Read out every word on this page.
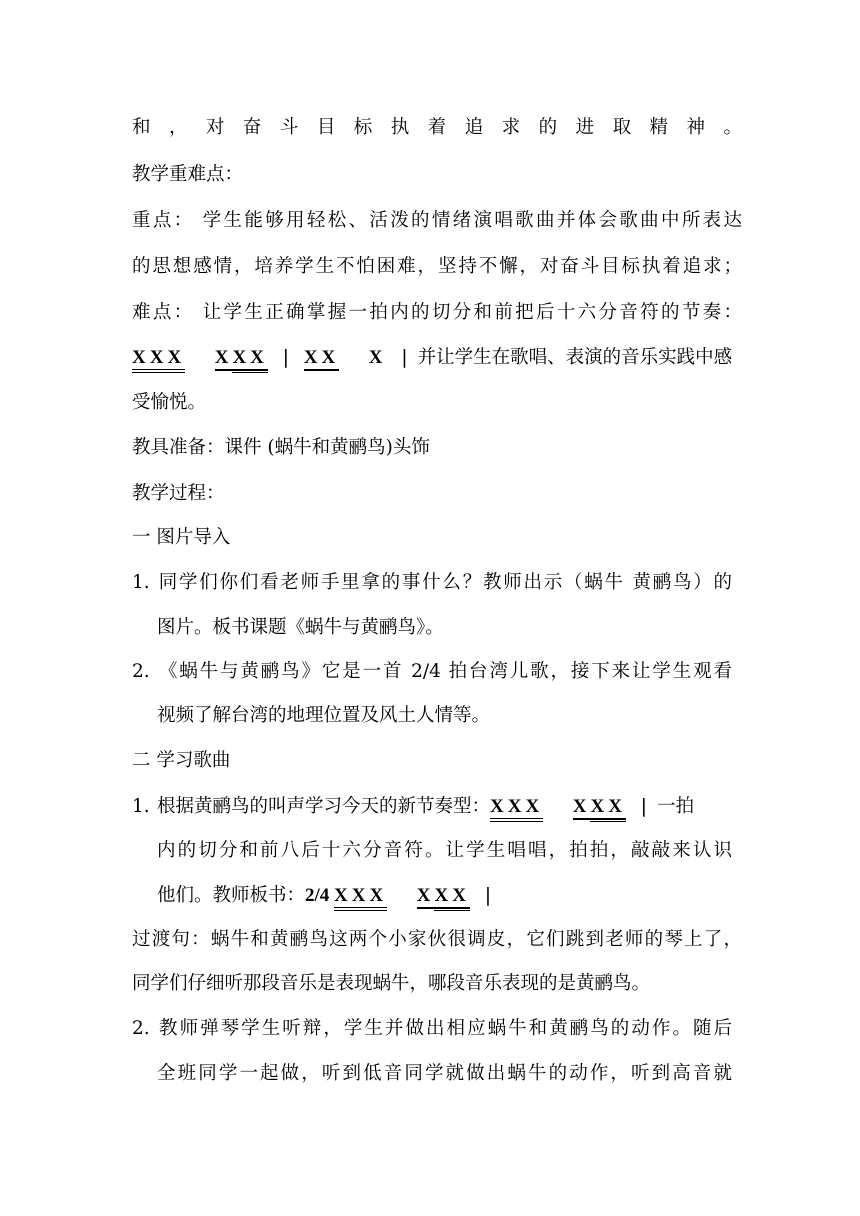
和，对奋斗目标执着追求的进取精神。
教学重难点：
重点： 学生能够用轻松、活泼的情绪演唱歌曲并体会歌曲中所表达
的思想感情，培养学生不怕困难，坚持不懈，对奋斗目标执着追求；
难点： 让学生正确掌握一拍内的切分和前把后十六分音符的节奏：
X X X X X X | X X X | 并让学生在歌唱、表演的音乐实践中感
受愉悦。
教具准备：课件 (蜗牛和黄鹂鸟)头饰
教学过程：
一 图片导入
1. 同学们你们看老师手里拿的事什么？教师出示（蜗牛 黄鹂鸟）的
图片。板书课题《蜗牛与黄鹂鸟》。
2. 《蜗牛与黄鹂鸟》它是一首 2/4 拍台湾儿歌，接下来让学生观看
视频了解台湾的地理位置及风土人情等。
二 学习歌曲
1. 根据黄鹂鸟的叫声学习今天的新节奏型：X X X X X X | 一拍
内的切分和前八后十六分音符。让学生唱唱，拍拍，敲敲来认识
他们。教师板书：2/4 X X X X X X |
过渡句：蜗牛和黄鹂鸟这两个小家伙很调皮，它们跳到老师的琴上了，
同学们仔细听那段音乐是表现蜗牛，哪段音乐表现的是黄鹂鸟。
2. 教师弹琴学生听辩，学生并做出相应蜗牛和黄鹂鸟的动作。随后
全班同学一起做，听到低音同学就做出蜗牛的动作，听到高音就
